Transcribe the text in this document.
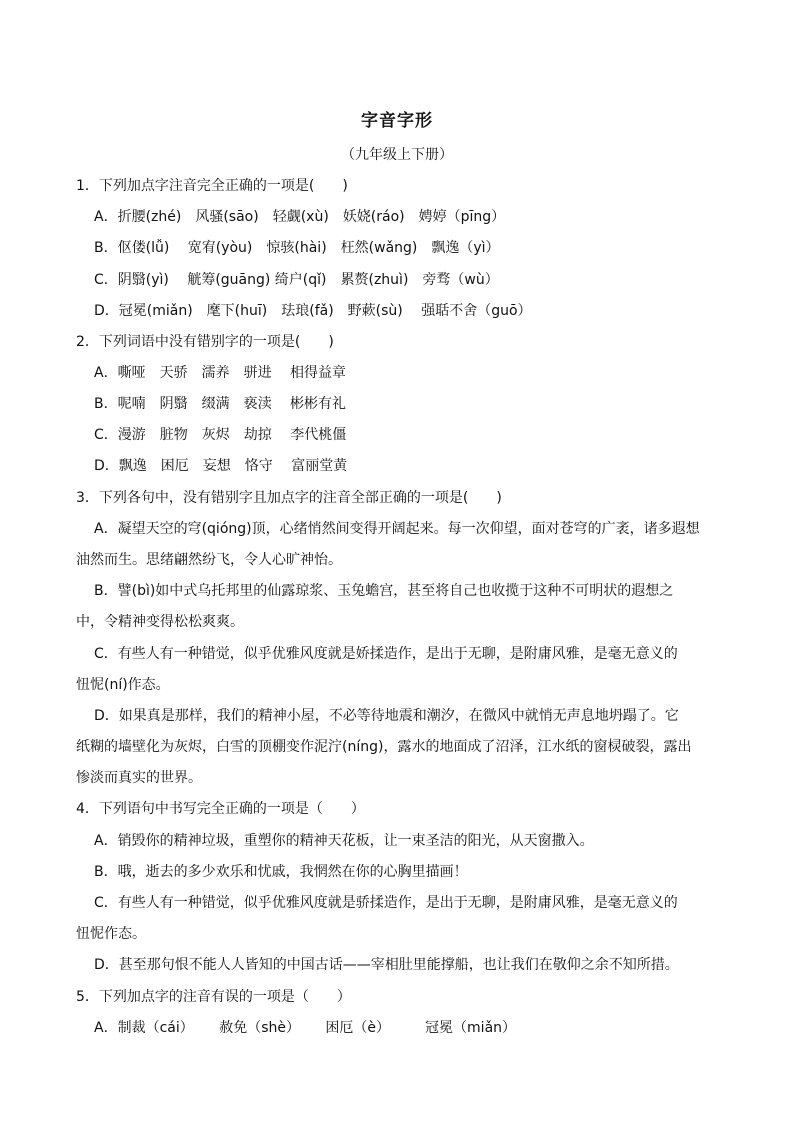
字音字形
（九年级上下册）
1．下列加点字注音完全正确的一项是(　　)
A．折腰(zhé)　风骚(sāo)　轻觑(xù)　妖娆(ráo)　娉婷（pīng）
B．伛偻(lǚ)　 宽宥(yòu)　惊骇(hài)　枉然(wǎng)　飘逸（yì）
C．阴翳(yì)　 觥筹(guāng) 绮户(qǐ)　累赘(zhuì)　旁骛（wù）
D．冠冕(miǎn)　麾下(huī)　珐琅(fǎ)　野蔌(sù)　 强聒不舍（guō）
2．下列词语中没有错别字的一项是(　　)
A．嘶哑　天骄　濡养　骈进　 相得益章
B．呢喃　阴翳　缀满　亵渎　 彬彬有礼
C．漫游　脏物　灰烬　劫掠　 李代桃僵
D．飘逸　困厄　妄想　恪守　 富丽堂黄
3．下列各句中，没有错别字且加点字的注音全部正确的一项是(　　)
A．凝望天空的穹(qióng)顶，心绪悄然间变得开阔起来。每一次仰望，面对苍穹的广袤，诸多遐想
油然而生。思绪翩然纷飞，令人心旷神怡。
B．譬(bì)如中式乌托邦里的仙露琼浆、玉兔蟾宫，甚至将自己也收揽于这种不可明状的遐想之
中，令精神变得松松爽爽。
C．有些人有一种错觉，似乎优雅风度就是娇揉造作，是出于无聊，是附庸风雅，是毫无意义的
忸怩(ní)作态。
D．如果真是那样，我们的精神小屋，不必等待地震和潮汐，在微风中就悄无声息地坍蹋了。它
纸糊的墙壁化为灰烬，白雪的顶棚变作泥泞(níng)，露水的地面成了沼泽，江水纸的窗棂破裂，露出
惨淡而真实的世界。
4．下列语句中书写完全正确的一项是（　　）
A．销毁你的精神垃圾，重塑你的精神天花板，让一束圣洁的阳光，从天窗撒入。
B．哦，逝去的多少欢乐和忧戚，我惘然在你的心胸里描画！
C．有些人有一种错觉，似乎优雅风度就是骄揉造作，是出于无聊，是附庸风雅，是毫无意义的
忸怩作态。
D．甚至那句恨不能人人皆知的中国古话——宰相肚里能撑船，也让我们在敬仰之余不知所措。
5．下列加点字的注音有误的一项是（　　）
A．制裁（cái）　　 赦免（shè）　　 困厄（è）　　　冠冕（miǎn）
